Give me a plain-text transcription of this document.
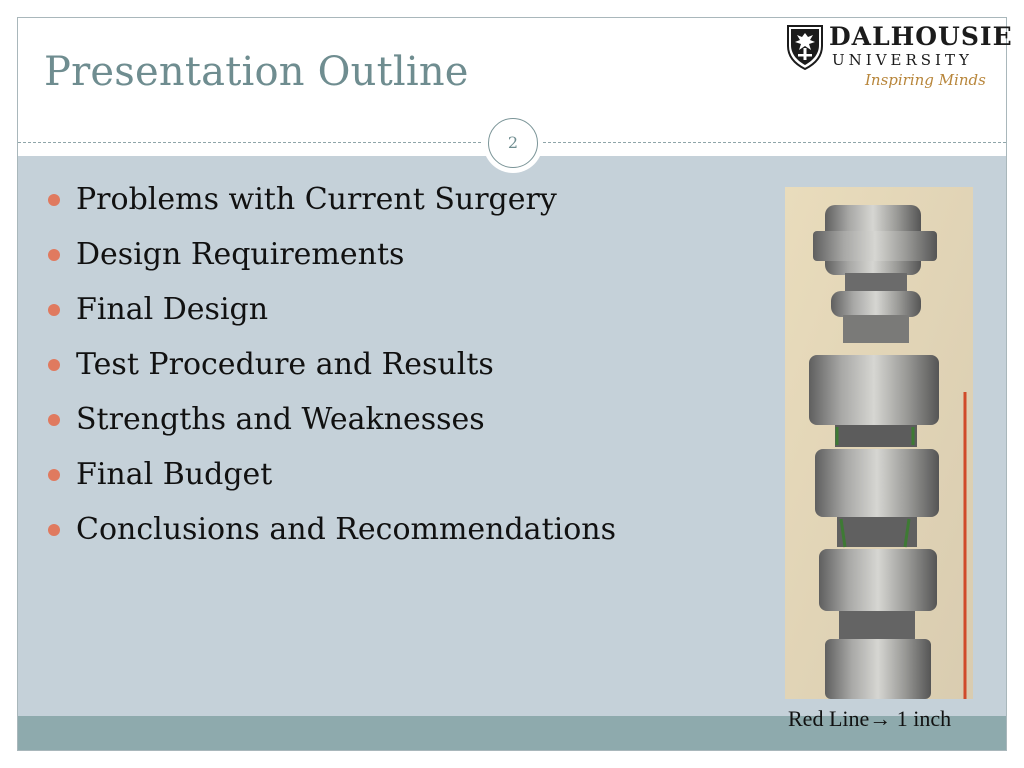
Presentation Outline
DALHOUSIE
UNIVERSITY
Inspiring Minds
2
Problems with Current Surgery
Design Requirements
Final Design
Test Procedure and Results
Strengths and Weaknesses
Final Budget
Conclusions and Recommendations
Red Line→ 1 inch
